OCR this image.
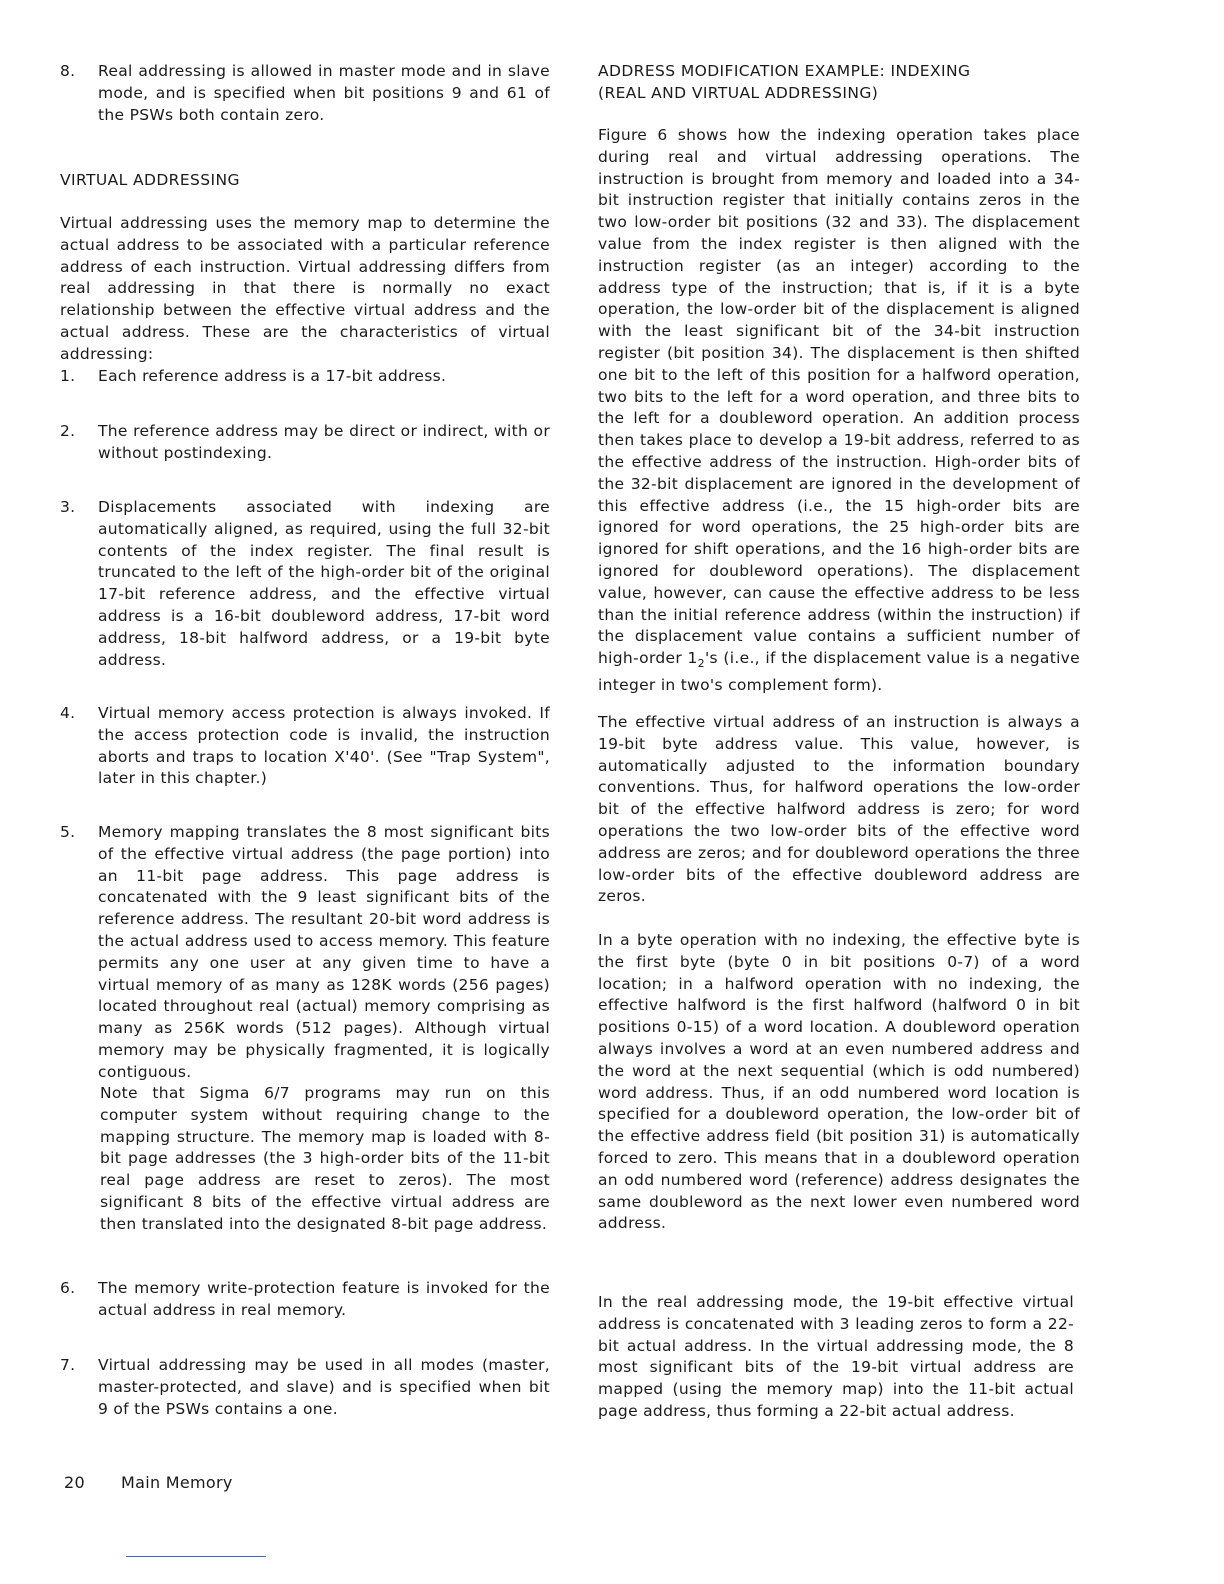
8.	Real addressing is allowed in master mode and in slave mode, and is specified when bit positions 9 and 61 of the PSWs both contain zero.
VIRTUAL ADDRESSING
Virtual addressing uses the memory map to determine the actual address to be associated with a particular reference address of each instruction. Virtual addressing differs from real addressing in that there is normally no exact relationship between the effective virtual address and the actual address. These are the characteristics of virtual addressing:
1.	Each reference address is a 17-bit address.
2.	The reference address may be direct or indirect, with or without postindexing.
3.	Displacements associated with indexing are automatically aligned, as required, using the full 32-bit contents of the index register. The final result is truncated to the left of the high-order bit of the original 17-bit reference address, and the effective virtual address is a 16-bit doubleword address, 17-bit word address, 18-bit halfword address, or a 19-bit byte address.
4.	Virtual memory access protection is always invoked. If the access protection code is invalid, the instruction aborts and traps to location X'40'. (See "Trap System", later in this chapter.)
5.	Memory mapping translates the 8 most significant bits of the effective virtual address (the page portion) into an 11-bit page address. This page address is concatenated with the 9 least significant bits of the reference address. The resultant 20-bit word address is the actual address used to access memory. This feature permits any one user at any given time to have a virtual memory of as many as 128K words (256 pages) located throughout real (actual) memory comprising as many as 256K words (512 pages). Although virtual memory may be physically fragmented, it is logically contiguous.
Note that Sigma 6/7 programs may run on this computer system without requiring change to the mapping structure. The memory map is loaded with 8-bit page addresses (the 3 high-order bits of the 11-bit real page address are reset to zeros). The most significant 8 bits of the effective virtual address are then translated into the designated 8-bit page address.
6.	The memory write-protection feature is invoked for the actual address in real memory.
7.	Virtual addressing may be used in all modes (master, master-protected, and slave) and is specified when bit 9 of the PSWs contains a one.
ADDRESS MODIFICATION EXAMPLE: INDEXING
(REAL AND VIRTUAL ADDRESSING)
Figure 6 shows how the indexing operation takes place during real and virtual addressing operations. The instruction is brought from memory and loaded into a 34-bit instruction register that initially contains zeros in the two low-order bit positions (32 and 33). The displacement value from the index register is then aligned with the instruction register (as an integer) according to the address type of the instruction; that is, if it is a byte operation, the low-order bit of the displacement is aligned with the least significant bit of the 34-bit instruction register (bit position 34). The displacement is then shifted one bit to the left of this position for a halfword operation, two bits to the left for a word operation, and three bits to the left for a doubleword operation. An addition process then takes place to develop a 19-bit address, referred to as the effective address of the instruction. High-order bits of the 32-bit displacement are ignored in the development of this effective address (i.e., the 15 high-order bits are ignored for word operations, the 25 high-order bits are ignored for shift operations, and the 16 high-order bits are ignored for doubleword operations). The displacement value, however, can cause the effective address to be less than the initial reference address (within the instruction) if the displacement value contains a sufficient number of high-order $1_2's$ (i.e., if the displacement value is a negative integer in two's complement form).
The effective virtual address of an instruction is always a 19-bit byte address value. This value, however, is automatically adjusted to the information boundary conventions. Thus, for halfword operations the low-order bit of the effective halfword address is zero; for word operations the two low-order bits of the effective word address are zeros; and for doubleword operations the three low-order bits of the effective doubleword address are zeros.
In a byte operation with no indexing, the effective byte is the first byte (byte 0 in bit positions 0-7) of a word location; in a halfword operation with no indexing, the effective halfword is the first halfword (halfword 0 in bit positions 0-15) of a word location. A doubleword operation always involves a word at an even numbered address and the word at the next sequential (which is odd numbered) word address. Thus, if an odd numbered word location is specified for a doubleword operation, the low-order bit of the effective address field (bit position 31) is automatically forced to zero. This means that in a doubleword operation an odd numbered word (reference) address designates the same doubleword as the next lower even numbered word address.
In the real addressing mode, the 19-bit effective virtual address is concatenated with 3 leading zeros to form a 22-bit actual address. In the virtual addressing mode, the 8 most significant bits of the 19-bit virtual address are mapped (using the memory map) into the 11-bit actual page address, thus forming a 22-bit actual address.
20 Main Memory
